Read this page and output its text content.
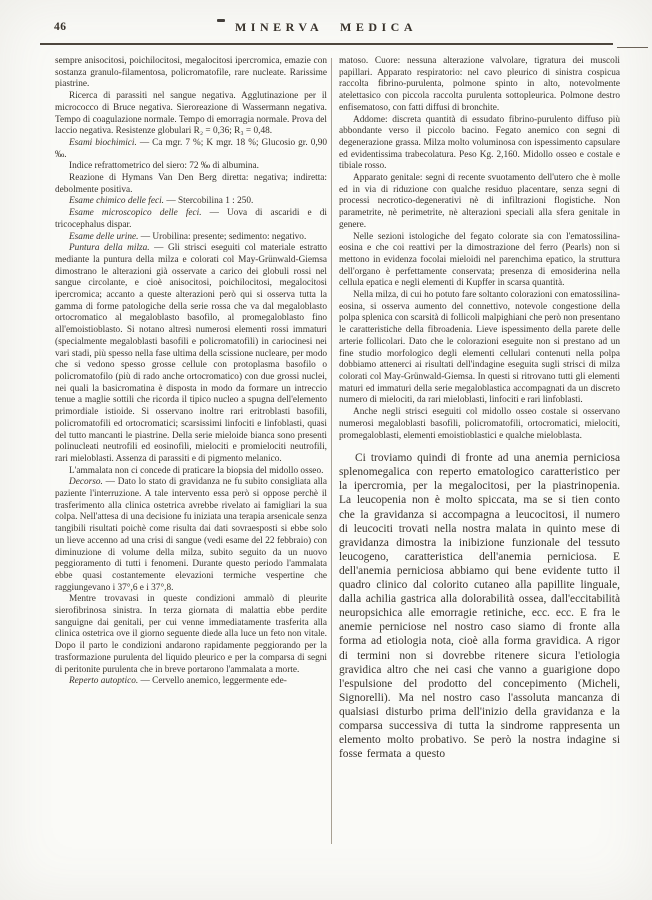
46	MINERVA MEDICA

sempre anisocitosi, poichilocitosi, megalocitosi ipercromica, emazie con sostanza granulo-filamentosa, policromatofile, rare nucleate. Rarissime piastrine.

Ricerca di parassiti nel sangue negativa. Agglutinazione per il micrococco di Bruce negativa. Sieroreazione di Wassermann negativa. Tempo di coagulazione normale. Tempo di emorragia normale. Prova del laccio negativa. Resistenze globulari R₂ = 0,36; R₃ = 0,48.

Esami biochimici. — Ca mgr. 7 %; K mgr. 18 %; Glucosio gr. 0,90 ‰.

Indice refrattometrico del siero: 72 ‰ di albumina.

Reazione di Hymans Van Den Berg diretta: negativa; indiretta: debolmente positiva.

Esame chimico delle feci. — Stercobilina 1 : 250.

Esame microscopico delle feci. — Uova di ascaridi e di tricocephalus dispar.

Esame delle urine. — Urobilina: presente; sedimento: negativo.

Puntura della milza. — Gli strisci eseguiti col materiale estratto mediante la puntura della milza e colorati col May-Grünwald-Giemsa dimostrano le alterazioni già osservate a carico dei globuli rossi nel sangue circolante, e cioè anisocitosi, poichilocitosi, megalocitosi ipercromica; accanto a queste alterazioni però qui si osserva tutta la gamma di forme patologiche della serie rossa che va dal megaloblasto ortocromatico al megaloblasto basofilo, al promegaloblasto fino all'emoistioblasto. Si notano altresì numerosi elementi rossi immaturi (specialmente megaloblasti basofili e policromatofili) in cariocinesi nei vari stadi, più spesso nella fase ultima della scissione nucleare, per modo che si vedono spesso grosse cellule con protoplasma basofilo o policromatofilo (più di rado anche ortocromatico) con due grossi nuclei, nei quali la basicromatina è disposta in modo da formare un intreccio tenue a maglie sottili che ricorda il tipico nucleo a spugna dell'elemento primordiale istioide. Si osservano inoltre rari eritroblasti basofili, policromatofili ed ortocromatici; scarsissimi linfociti e linfoblasti, quasi del tutto mancanti le piastrine. Della serie mieloide bianca sono presenti polinucleati neutrofili ed eosinofili, mielociti e promielociti neutrofili, rari mieloblasti. Assenza di parassiti e di pigmento melanico.

L'ammalata non ci concede di praticare la biopsia del midollo osseo.

Decorso. — Dato lo stato di gravidanza ne fu subito consigliata alla paziente l'interruzione. A tale intervento essa però si oppose perchè il trasferimento alla clinica ostetrica avrebbe rivelato ai famigliari la sua colpa. Nell'attesa di una decisione fu iniziata una terapia arsenicale senza tangibili risultati poichè come risulta dai dati sovraesposti si ebbe solo un lieve accenno ad una crisi di sangue (vedi esame del 22 febbraio) con diminuzione di volume della milza, subito seguito da un nuovo peggioramento di tutti i fenomeni. Durante questo periodo l'ammalata ebbe quasi costantemente elevazioni termiche vespertine che raggiungevano i 37°,6 e i 37°,8.

Mentre trovavasi in queste condizioni ammalò di pleurite sierofibrinosa sinistra. In terza giornata di malattia ebbe perdite sanguigne dai genitali, per cui venne immediatamente trasferita alla clinica ostetrica ove il giorno seguente diede alla luce un feto non vitale. Dopo il parto le condizioni andarono rapidamente peggiorando per la trasformazione purulenta del liquido pleurico e per la comparsa di segni di peritonite purulenta che in breve portarono l'ammalata a morte.

Reperto autoptico. — Cervello anemico, leggermente ede-

matoso. Cuore: nessuna alterazione valvolare, tigratura dei muscoli papillari. Apparato respiratorio: nel cavo pleurico di sinistra cospicua raccolta fibrino-purulenta, polmone spinto in alto, notevolmente atelettasico con piccola raccolta purulenta sottopleurica. Polmone destro enfisematoso, con fatti diffusi di bronchite.

Addome: discreta quantità di essudato fibrino-purulento diffuso più abbondante verso il piccolo bacino. Fegato anemico con segni di degenerazione grassa. Milza molto voluminosa con ispessimento capsulare ed evidentissima trabecolatura. Peso Kg. 2,160. Midollo osseo e costale e tibiale rosso.

Apparato genitale: segni di recente svuotamento dell'utero che è molle ed in via di riduzione con qualche residuo placentare, senza segni di processi necrotico-degenerativi nè di infiltrazioni flogistiche. Non parametrite, nè perimetrite, nè alterazioni speciali alla sfera genitale in genere.

Nelle sezioni istologiche del fegato colorate sia con l'ematossilina-eosina e che coi reattivi per la dimostrazione del ferro (Pearls) non si mettono in evidenza focolai mieloidi nel parenchima epatico, la struttura dell'organo è perfettamente conservata; presenza di emosiderina nella cellula epatica e negli elementi di Kupffer in scarsa quantità.

Nella milza, di cui ho potuto fare soltanto colorazioni con ematossilina-eosina, si osserva aumento del connettivo, notevole congestione della polpa splenica con scarsità di follicoli malpighiani che però non presentano le caratteristiche della fibroadenia. Lieve ispessimento della parete delle arterie follicolari. Dato che le colorazioni eseguite non si prestano ad un fine studio morfologico degli elementi cellulari contenuti nella polpa dobbiamo attenerci ai risultati dell'indagine eseguita sugli strisci di milza colorati col May-Grünwald-Giemsa. In questi si ritrovano tutti gli elementi maturi ed immaturi della serie megaloblastica accompagnati da un discreto numero di mielociti, da rari mieloblasti, linfociti e rari linfoblasti.

Anche negli strisci eseguiti col midollo osseo costale si osservano numerosi megaloblasti basofili, policromatofili, ortocromatici, mielociti, promegaloblasti, elementi emoistioblastici e qualche mieloblasta.

Ci troviamo quindi di fronte ad una anemia perniciosa splenomegalica con reperto ematologico caratteristico per la ipercromia, per la megalocitosi, per la piastrinopenia. La leucopenia non è molto spiccata, ma se si tien conto che la gravidanza si accompagna a leucocitosi, il numero di leucociti trovati nella nostra malata in quinto mese di gravidanza dimostra la inibizione funzionale del tessuto leucogeno, caratteristica dell'anemia perniciosa. E dell'anemia perniciosa abbiamo qui bene evidente tutto il quadro clinico dal colorito cutaneo alla papillite linguale, dalla achilia gastrica alla dolorabilità ossea, dall'eccitabilità neuropsichica alle emorragie retiniche, ecc. ecc. E fra le anemie perniciose nel nostro caso siamo di fronte alla forma ad etiologia nota, cioè alla forma gravidica. A rigor di termini non si dovrebbe ritenere sicura l'etiologia gravidica altro che nei casi che vanno a guarigione dopo l'espulsione del prodotto del concepimento (Micheli, Signorelli). Ma nel nostro caso l'assoluta mancanza di qualsiasi disturbo prima dell'inizio della gravidanza e la comparsa successiva di tutta la sindrome rappresenta un elemento molto probativo. Se però la nostra indagine si fosse fermata a questo
